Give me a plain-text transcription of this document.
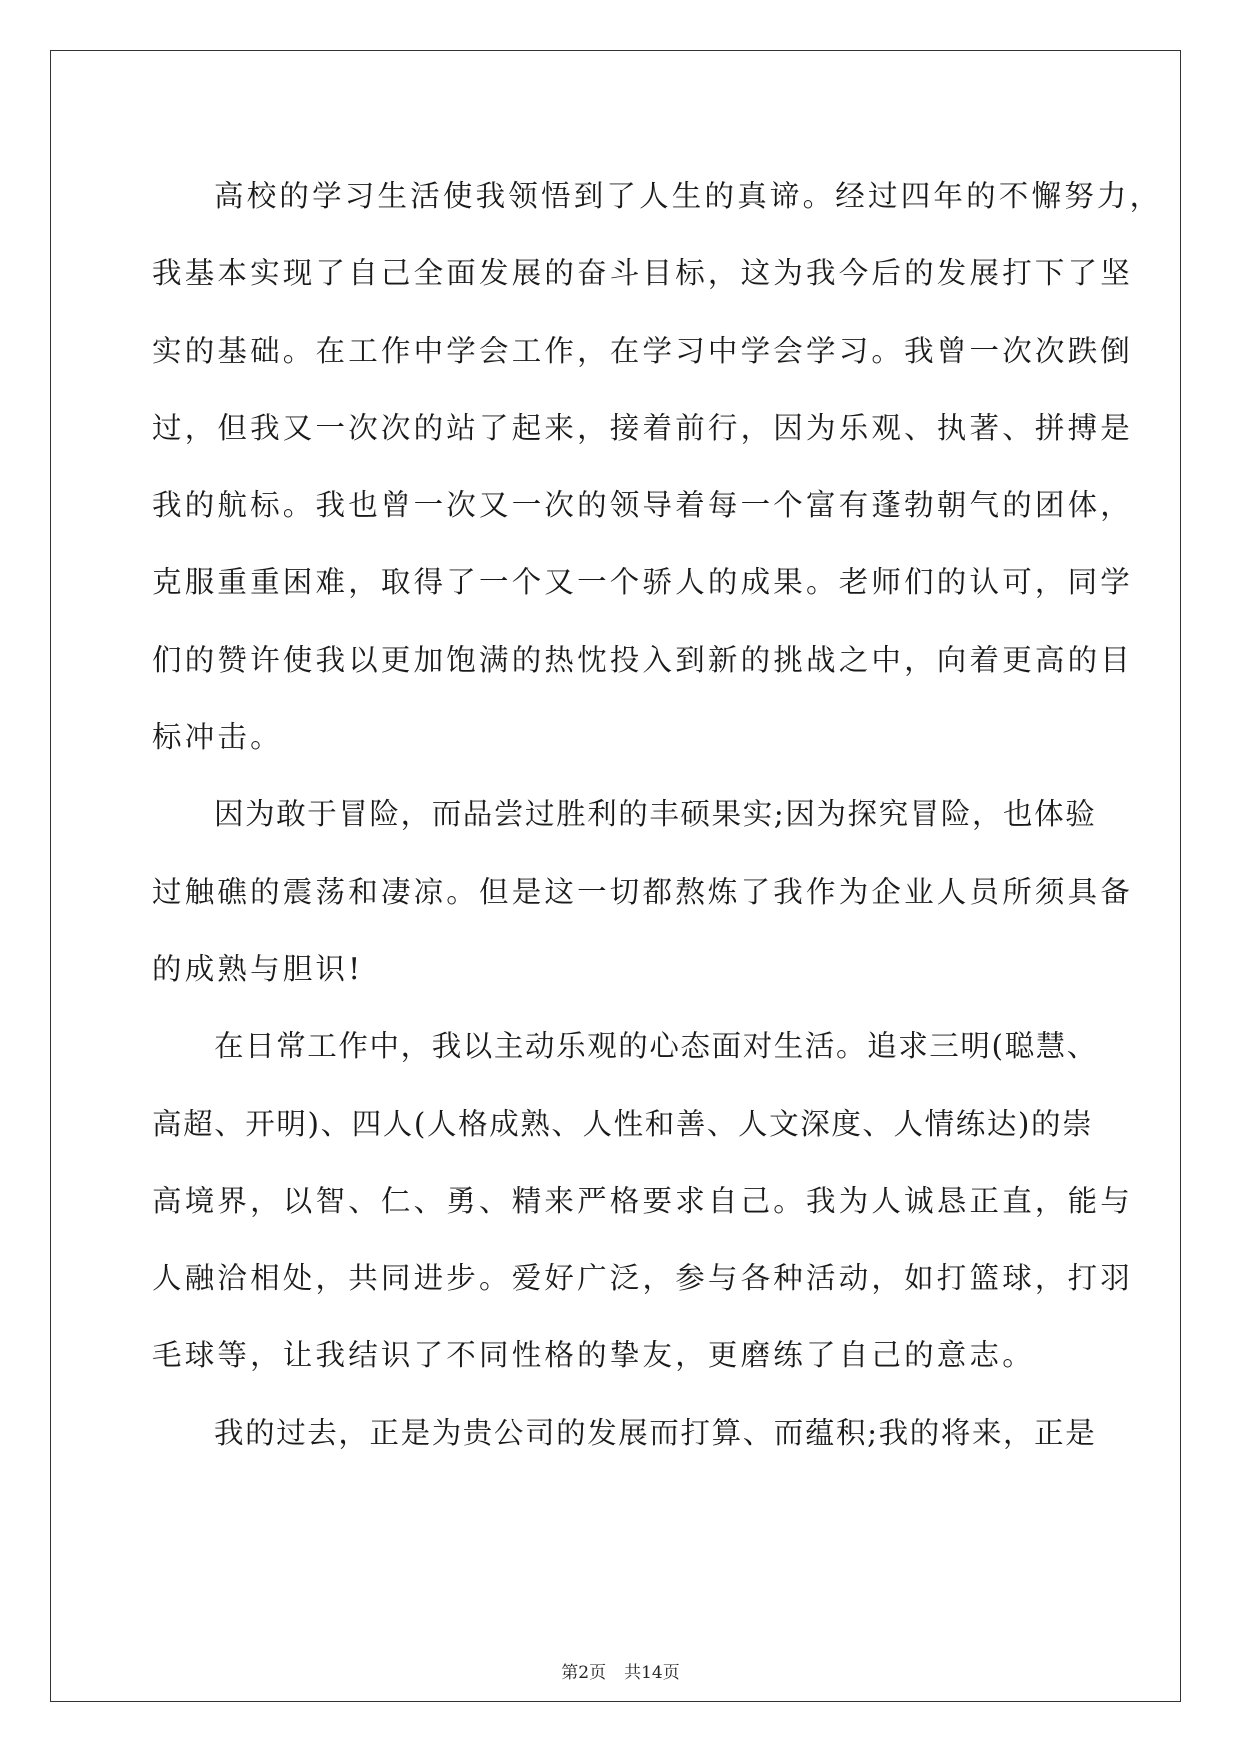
高校的学习生活使我领悟到了人生的真谛。经过四年的不懈努力，
我基本实现了自己全面发展的奋斗目标，这为我今后的发展打下了坚
实的基础。在工作中学会工作，在学习中学会学习。我曾一次次跌倒
过，但我又一次次的站了起来，接着前行，因为乐观、执著、拼搏是
我的航标。我也曾一次又一次的领导着每一个富有蓬勃朝气的团体，
克服重重困难，取得了一个又一个骄人的成果。老师们的认可，同学
们的赞许使我以更加饱满的热忱投入到新的挑战之中，向着更高的目
标冲击。
因为敢于冒险，而品尝过胜利的丰硕果实;因为探究冒险，也体验
过触礁的震荡和凄凉。但是这一切都熬炼了我作为企业人员所须具备
的成熟与胆识!
在日常工作中，我以主动乐观的心态面对生活。追求三明(聪慧、
高超、开明)、四人(人格成熟、人性和善、人文深度、人情练达)的崇
高境界，以智、仁、勇、精来严格要求自己。我为人诚恳正直，能与
人融洽相处，共同进步。爱好广泛，参与各种活动，如打篮球，打羽
毛球等，让我结识了不同性格的挚友，更磨练了自己的意志。
我的过去，正是为贵公司的发展而打算、而蕴积;我的将来，正是
第2页 共14页
